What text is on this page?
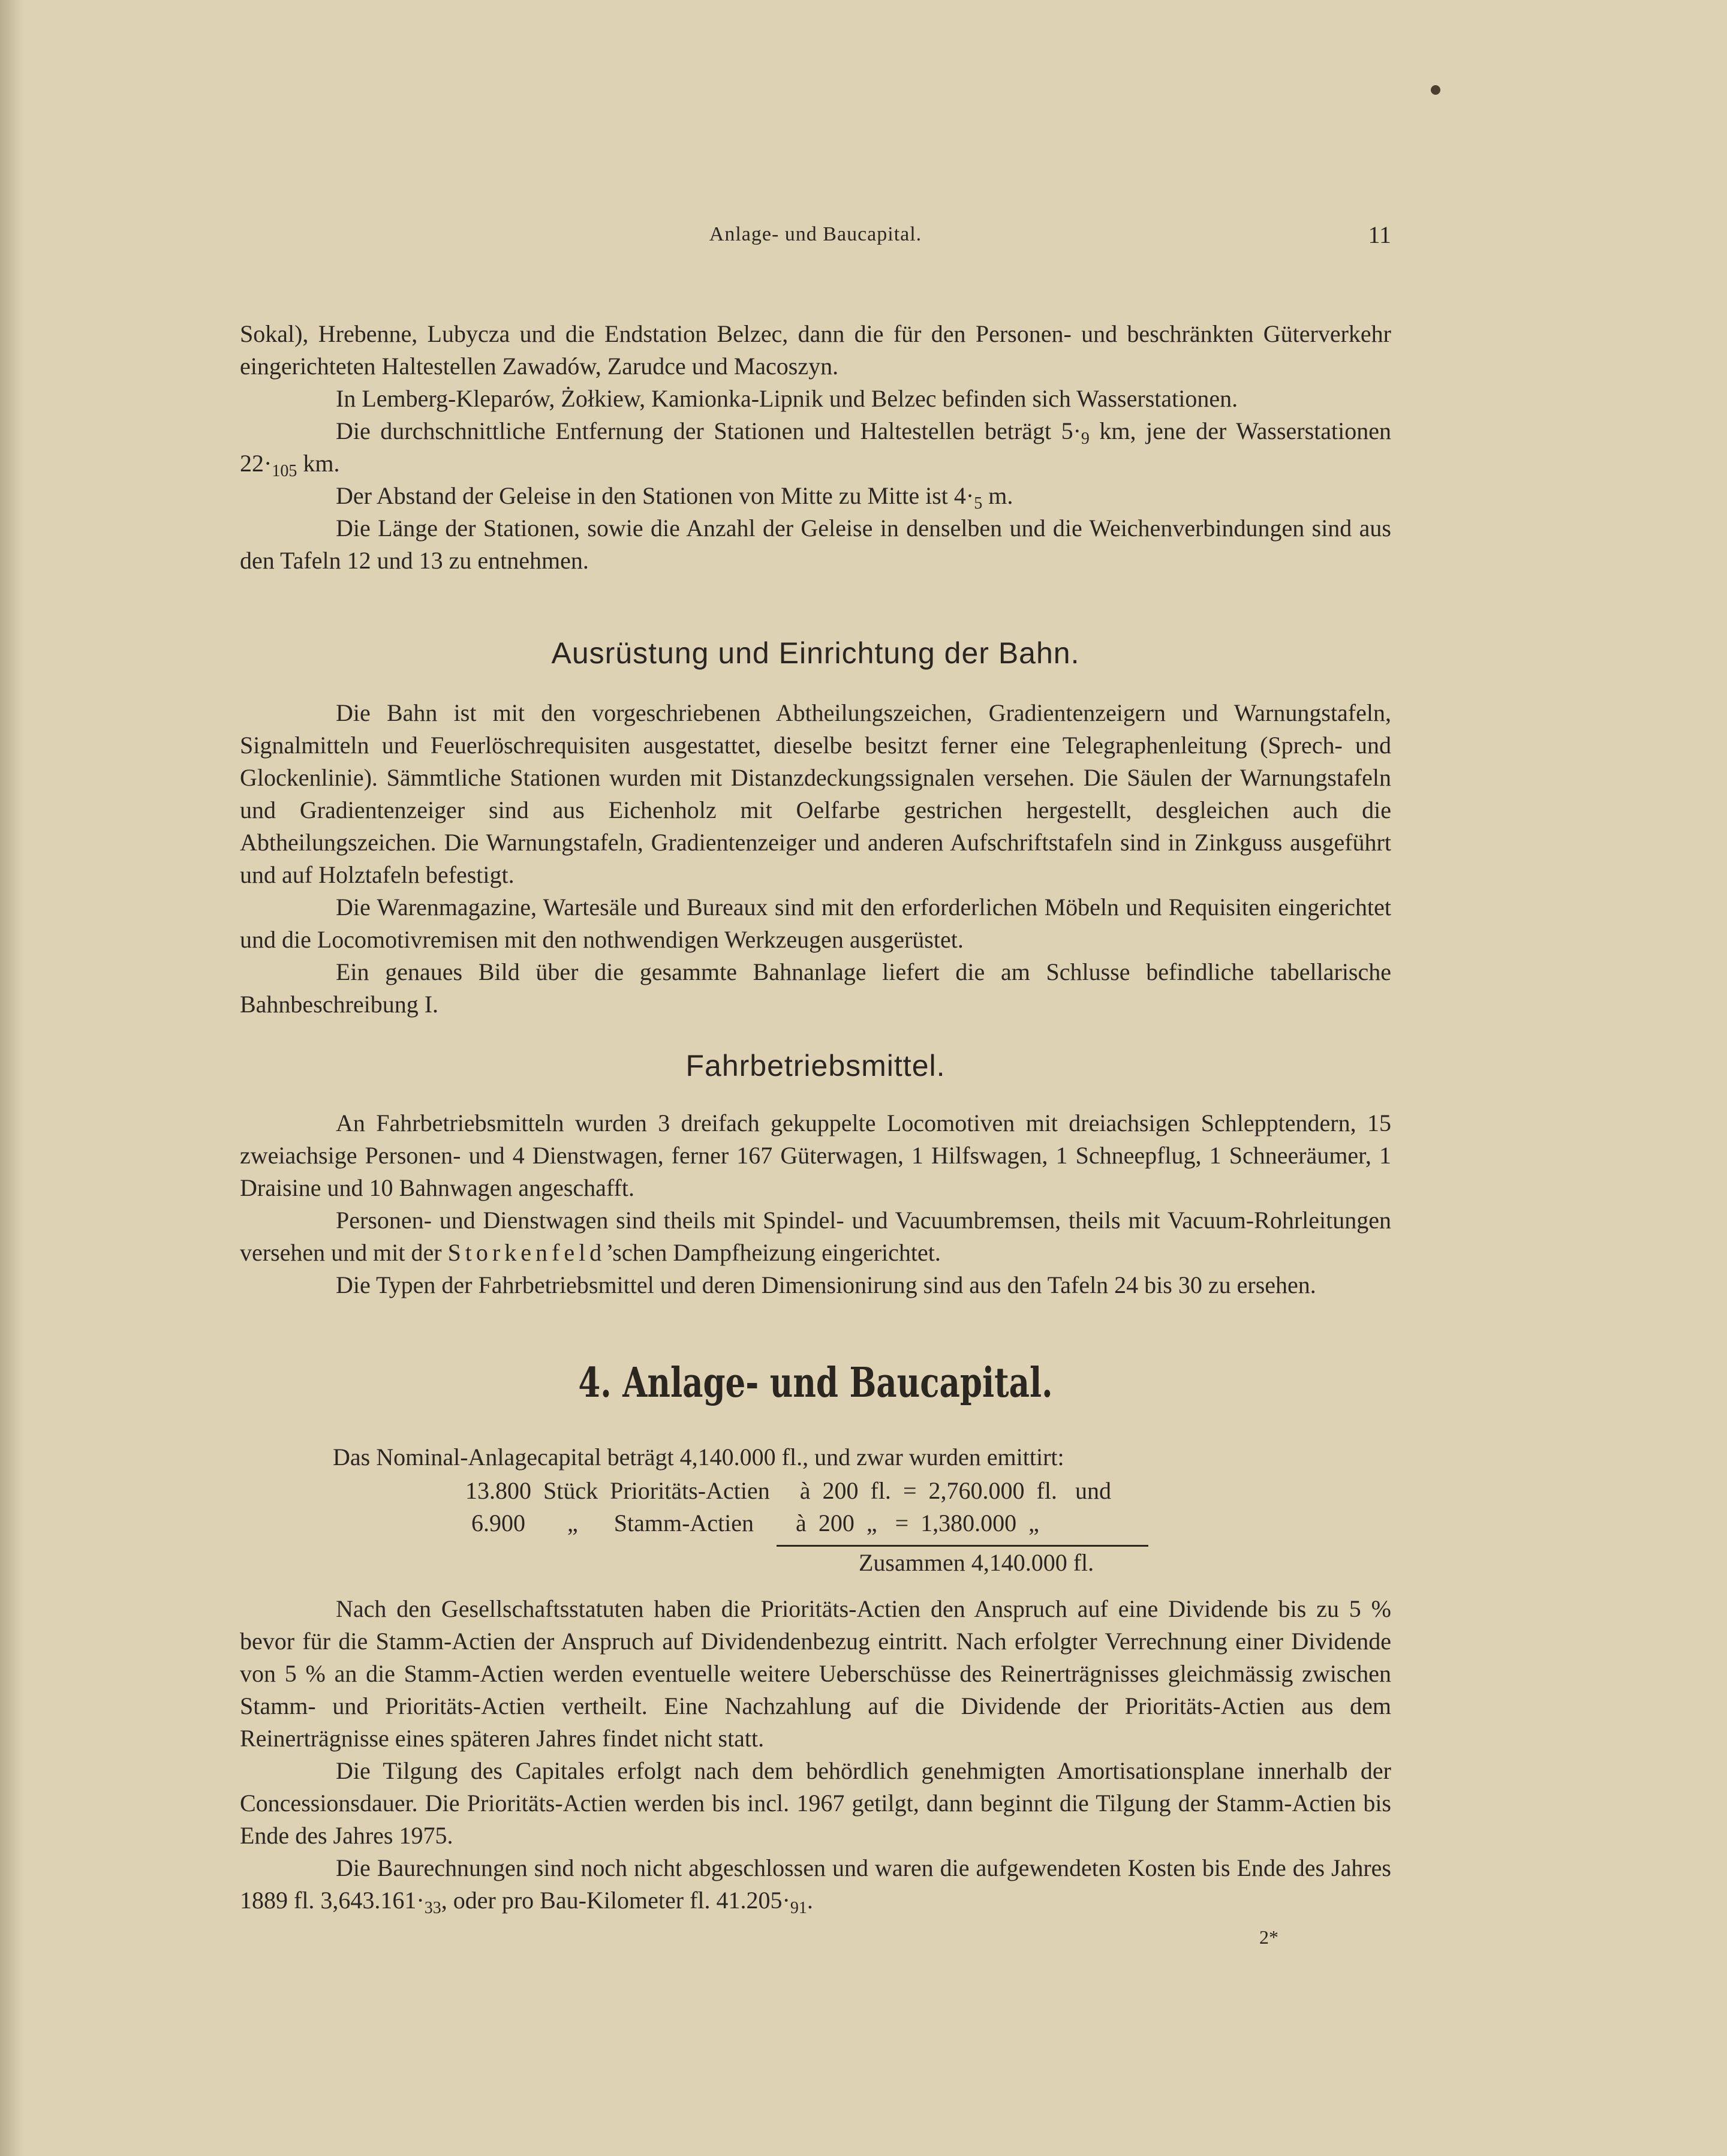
Anlage- und Baucapital.	11

Sokal), Hrebenne, Lubycza und die Endstation Belzec, dann die für den Personen- und beschränkten Güterverkehr eingerichteten Haltestellen Zawadów, Zarudce und Macoszyn.

In Lemberg-Kleparów, Żołkiew, Kamionka-Lipnik und Belzec befinden sich Wasserstationen.

Die durchschnittliche Entfernung der Stationen und Haltestellen beträgt $5\cdot_9$ km, jene der Wasserstationen $22\cdot_{105}$ km.

Der Abstand der Geleise in den Stationen von Mitte zu Mitte ist $4\cdot_5$ m.

Die Länge der Stationen, sowie die Anzahl der Geleise in denselben und die Weichenverbindungen sind aus den Tafeln 12 und 13 zu entnehmen.

Ausrüstung und Einrichtung der Bahn.

Die Bahn ist mit den vorgeschriebenen Abtheilungszeichen, Gradientenzeigern und Warnungstafeln, Signalmitteln und Feuerlöschrequisiten ausgestattet, dieselbe besitzt ferner eine Telegraphenleitung (Sprech- und Glockenlinie). Sämmtliche Stationen wurden mit Distanzdeckungssignalen versehen. Die Säulen der Warnungstafeln und Gradientenzeiger sind aus Eichenholz mit Oelfarbe gestrichen hergestellt, desgleichen auch die Abtheilungszeichen. Die Warnungstafeln, Gradientenzeiger und anderen Aufschriftstafeln sind in Zinkguss ausgeführt und auf Holztafeln befestigt.

Die Warenmagazine, Wartesäle und Bureaux sind mit den erforderlichen Möbeln und Requisiten eingerichtet und die Locomotivremisen mit den nothwendigen Werkzeugen ausgerüstet.

Ein genaues Bild über die gesammte Bahnanlage liefert die am Schlusse befindliche tabellarische Bahnbeschreibung I.

Fahrbetriebsmittel.

An Fahrbetriebsmitteln wurden 3 dreifach gekuppelte Locomotiven mit dreiachsigen Schlepptendern, 15 zweiachsige Personen- und 4 Dienstwagen, ferner 167 Güterwagen, 1 Hilfswagen, 1 Schneepflug, 1 Schneeräumer, 1 Draisine und 10 Bahnwagen angeschafft.

Personen- und Dienstwagen sind theils mit Spindel- und Vacuumbremsen, theils mit Vacuum-Rohrleitungen versehen und mit der Storkenfeld’schen Dampfheizung eingerichtet.

Die Typen der Fahrbetriebsmittel und deren Dimensionirung sind aus den Tafeln 24 bis 30 zu ersehen.

4. Anlage- und Baucapital.
Das Nominal-Anlagecapital beträgt 4,140.000 fl., und zwar wurden emittirt:
13.800 Stück Prioritäts-Actien à 200 fl. = 2,760.000 fl. und
6.900 „ Stamm-Actien à 200 „ = 1,380.000 „
Zusammen 4,140.000 fl.

Nach den Gesellschaftsstatuten haben die Prioritäts-Actien den Anspruch auf eine Dividende bis zu 5 % bevor für die Stamm-Actien der Anspruch auf Dividendenbezug eintritt. Nach erfolgter Verrechnung einer Dividende von 5 % an die Stamm-Actien werden eventuelle weitere Ueberschüsse des Reinerträgnisses gleichmässig zwischen Stamm- und Prioritäts-Actien vertheilt. Eine Nachzahlung auf die Dividende der Prioritäts-Actien aus dem Reinerträgnisse eines späteren Jahres findet nicht statt.

Die Tilgung des Capitales erfolgt nach dem behördlich genehmigten Amortisationsplane innerhalb der Concessionsdauer. Die Prioritäts-Actien werden bis incl. 1967 getilgt, dann beginnt die Tilgung der Stamm-Actien bis Ende des Jahres 1975.

Die Baurechnungen sind noch nicht abgeschlossen und waren die aufgewendeten Kosten bis Ende des Jahres 1889 fl. $3,643.161\cdot_{33}$, oder pro Bau-Kilometer fl. $41.205\cdot_{91}$.

2*
